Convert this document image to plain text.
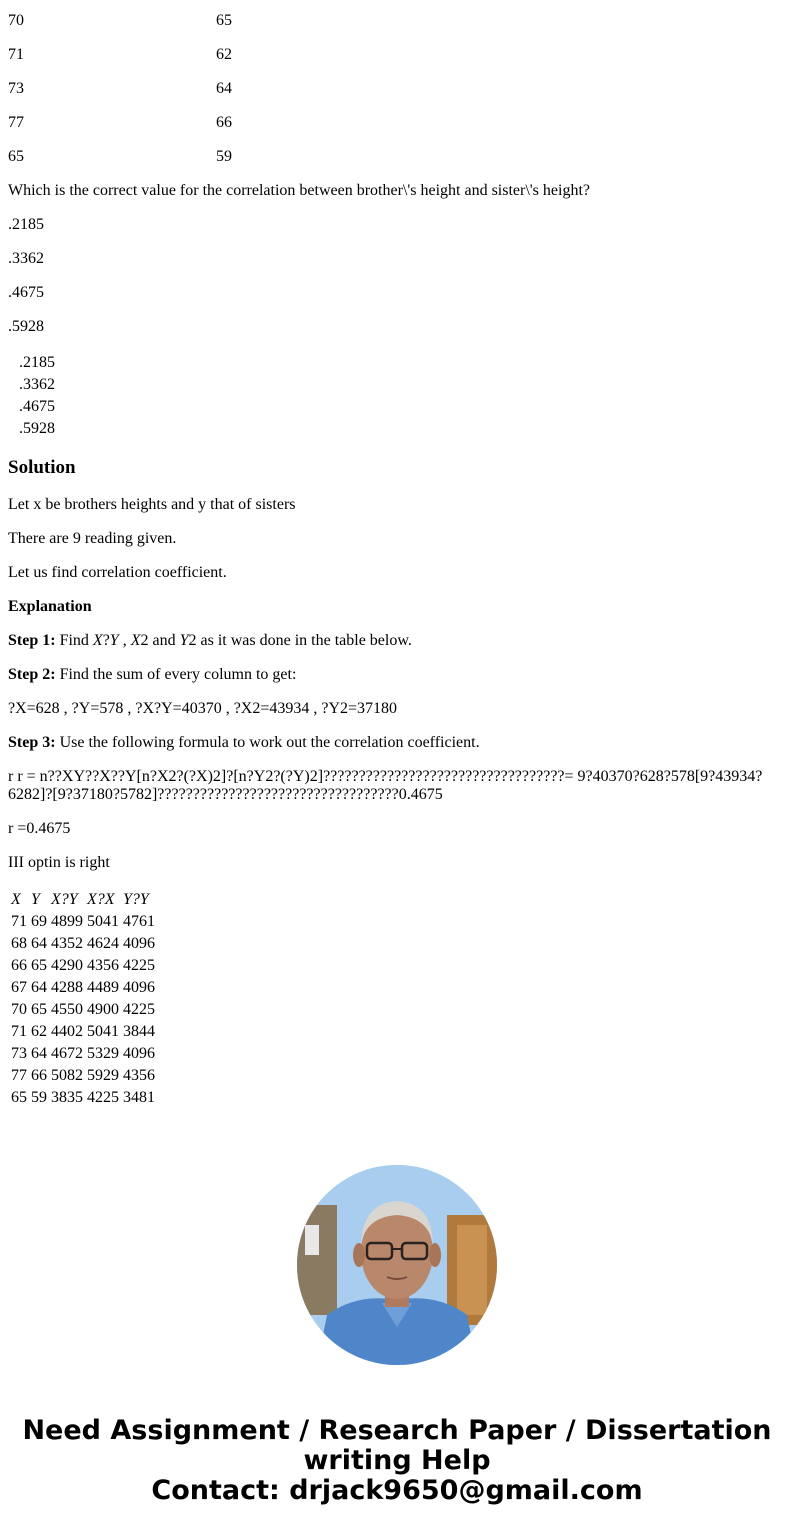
70	65
71	62
73	64
77	66
65	59

Which is the correct value for the correlation between brother\'s height and sister\'s height?

.2185
.3362
.4675
.5928
.2185
.3362
.4675
.5928
Solution

Let x be brothers heights and y that of sisters

There are 9 reading given.

Let us find correlation coefficient.

Explanation

Step 1: Find X?Y , X2 and Y2 as it was done in the table below.

Step 2: Find the sum of every column to get:

?X=628 , ?Y=578 , ?X?Y=40370 , ?X2=43934 , ?Y2=37180

Step 3: Use the following formula to work out the correlation coefficient.

r r = n??XY??X??Y[n?X2?(?X)2]?[n?Y2?(?Y)2]??????????????????????????????????= 9?40370?628?578[9?43934?6282]?[9?37180?5782]??????????????????????????????????0.4675

r =0.4675

III optin is right

X	Y	X?Y	X?X	Y?Y
71	69	4899	5041	4761
68	64	4352	4624	4096
66	65	4290	4356	4225
67	64	4288	4489	4096
70	65	4550	4900	4225
71	62	4402	5041	3844
73	64	4672	5329	4096
77	66	5082	5929	4356
65	59	3835	4225	3481
Need Assignment / Research Paper / Dissertation
writing Help
Contact: drjack9650@gmail.com
